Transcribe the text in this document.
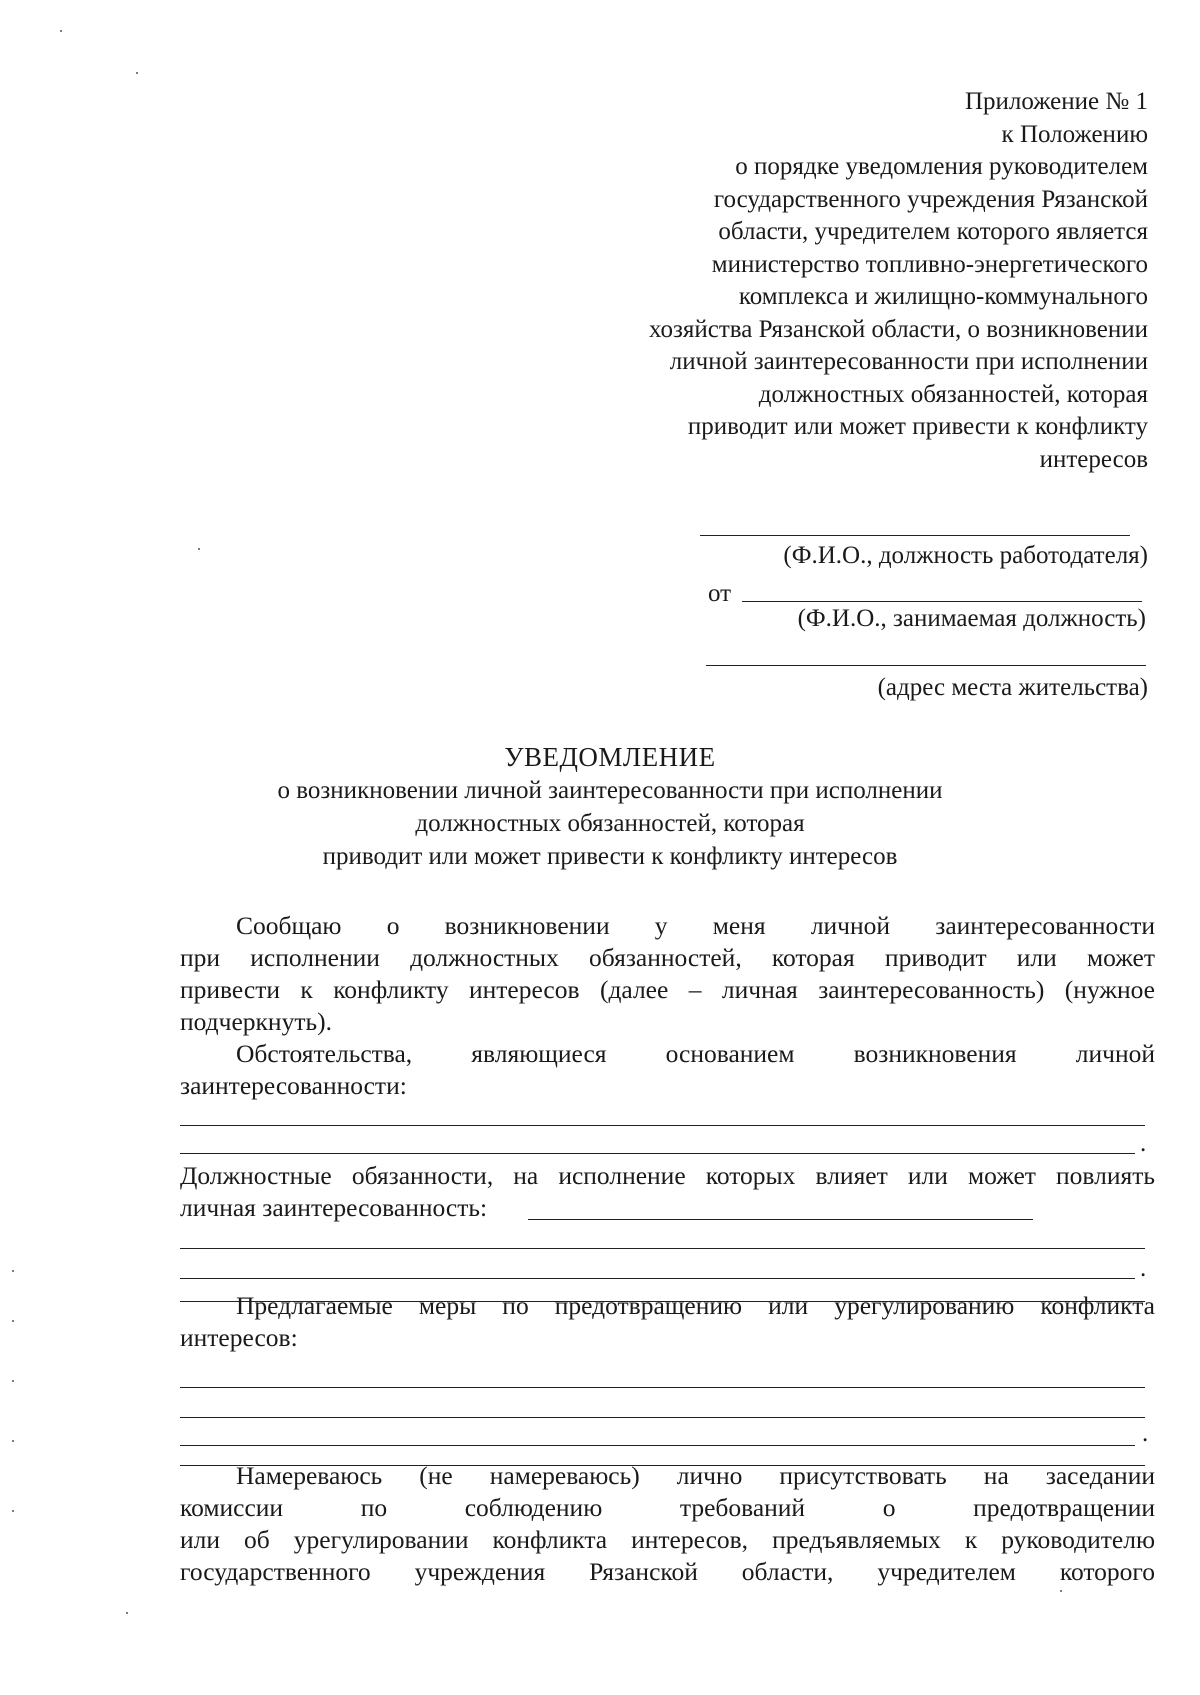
Приложение № 1
к Положению
о порядке уведомления руководителем
государственного учреждения Рязанской
области, учредителем которого является
министерство топливно-энергетического
комплекса и жилищно-коммунального
хозяйства Рязанской области, о возникновении
личной заинтересованности при исполнении
должностных обязанностей, которая
приводит или может привести к конфликту
интересов
(Ф.И.О., должность работодателя)
от
(Ф.И.О., занимаемая должность)
(адрес места жительства)
УВЕДОМЛЕНИЕ
о возникновении личной заинтересованности при исполнении
должностных обязанностей, которая
приводит или может привести к конфликту интересов
Сообщаю о возникновении у меня личной заинтересованности
при исполнении должностных обязанностей, которая приводит или может
привести к конфликту интересов (далее – личная заинтересованность) (нужное
подчеркнуть).
Обстоятельства, являющиеся основанием возникновения личной
заинтересованности:
.
Должностные обязанности, на исполнение которых влияет или может повлиять
личная заинтересованность:
.
Предлагаемые меры по предотвращению или урегулированию конфликта
интересов:
.
Намереваюсь (не намереваюсь) лично присутствовать на заседании
комиссии по соблюдению требований о предотвращении
или об урегулировании конфликта интересов, предъявляемых к руководителю
государственного учреждения Рязанской области, учредителем которого
